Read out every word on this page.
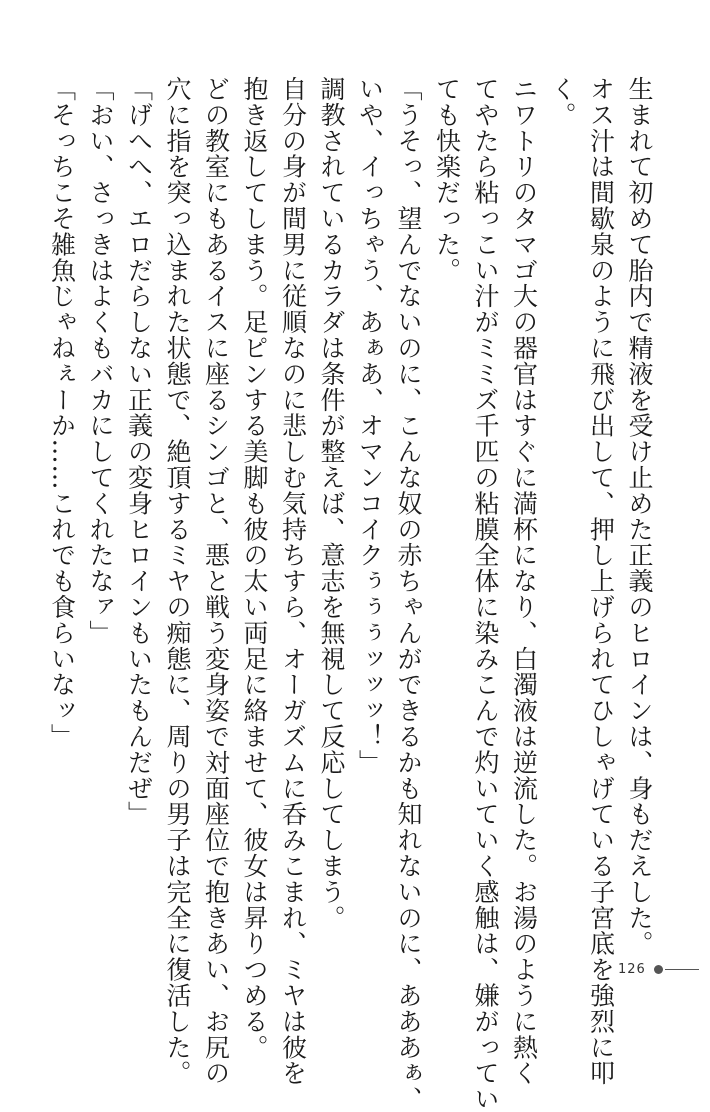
生まれて初めて胎内で精液を受け止めた正義のヒロインは、身もだえした。
オス汁は間歇泉のように飛び出して、押し上げられてひしゃげている子宮底を強烈に叩
く。
ニワトリのタマゴ大の器官はすぐに満杯になり、白濁液は逆流した。お湯のように熱く
てやたら粘っこい汁がミミズ千匹の粘膜全体に染みこんで灼いていく感触は、嫌がってい
ても快楽だった。
「うそっ、望んでないのに、こんな奴の赤ちゃんができるかも知れないのに、あああぁ、
いや、イっちゃう、あぁあ、オマンコイクぅぅぅッッッ！」
調教されているカラダは条件が整えば、意志を無視して反応してしまう。
自分の身が間男に従順なのに悲しむ気持ちすら、オーガズムに呑みこまれ、ミヤは彼を
抱き返してしまう。足ピンする美脚も彼の太い両足に絡ませて、彼女は昇りつめる。
どの教室にもあるイスに座るシンゴと、悪と戦う変身姿で対面座位で抱きあい、お尻の
穴に指を突っ込まれた状態で、絶頂するミヤの痴態に、周りの男子は完全に復活した。
「げへへ、エロだらしない正義の変身ヒロインもいたもんだぜ」
「おい、さっきはよくもバカにしてくれたなァ」
「そっちこそ雑魚じゃねぇーか……これでも食らいなッ」
126
